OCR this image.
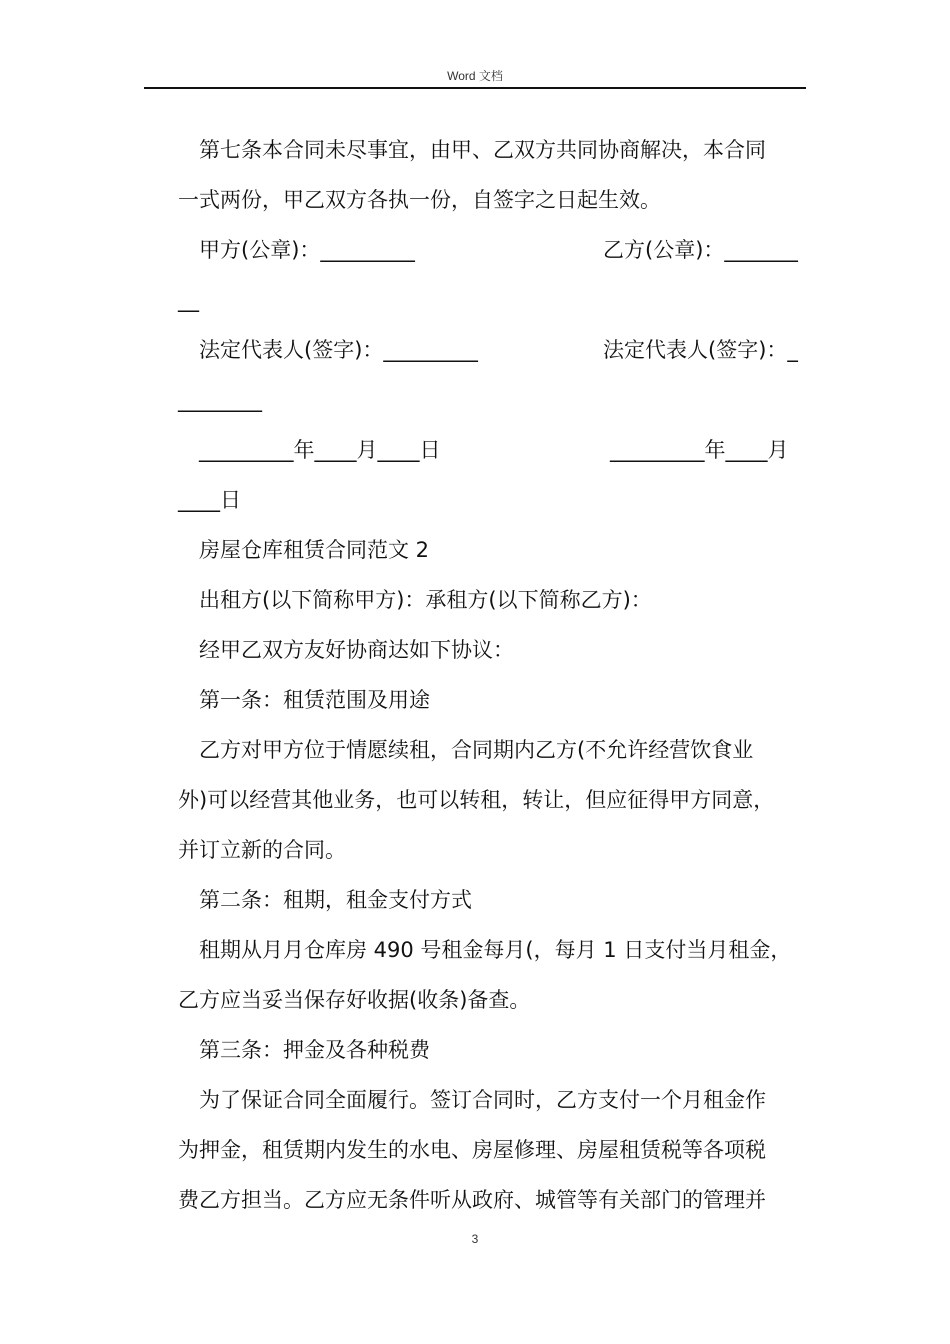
Word 文档
第七条本合同未尽事宜，由甲、乙双方共同协商解决，本合同
一式两份，甲乙双方各执一份，自签字之日起生效。
甲方(公章)：_________	乙方(公章)：_______
__
法定代表人(签字)：_________	法定代表人(签字)：_
________
_________年____月____日	_________年____月
____日
房屋仓库租赁合同范文 2
出租方(以下简称甲方)：承租方(以下简称乙方)：
经甲乙双方友好协商达如下协议：
第一条：租赁范围及用途
乙方对甲方位于情愿续租，合同期内乙方(不允许经营饮食业
外)可以经营其他业务，也可以转租，转让，但应征得甲方同意，
并订立新的合同。
第二条：租期，租金支付方式
租期从月月仓库房 490 号租金每月(，每月 1 日支付当月租金，
乙方应当妥当保存好收据(收条)备查。
第三条：押金及各种税费
为了保证合同全面履行。签订合同时，乙方支付一个月租金作
为押金，租赁期内发生的水电、房屋修理、房屋租赁税等各项税
费乙方担当。乙方应无条件听从政府、城管等有关部门的管理并
3
